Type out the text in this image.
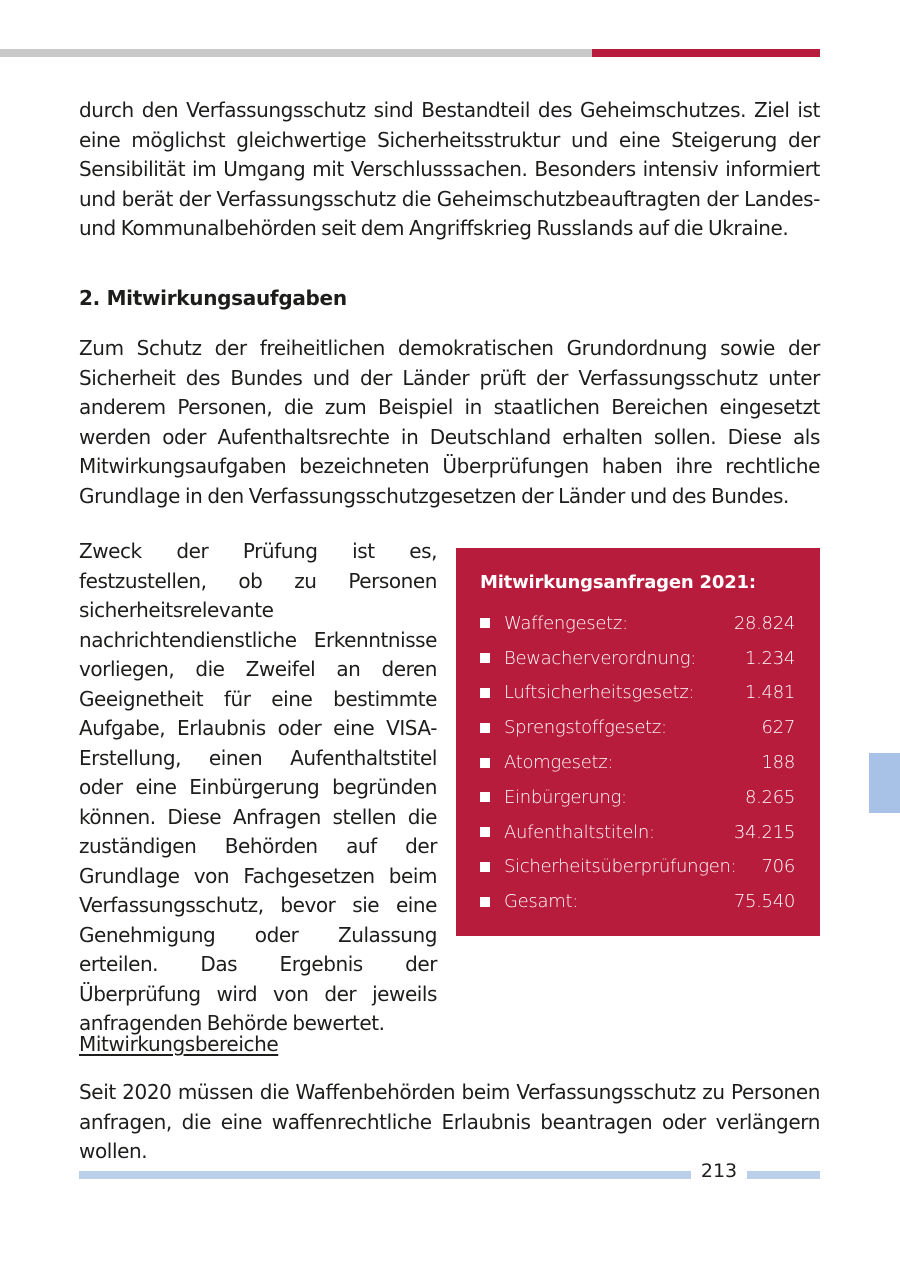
durch den Verfassungsschutz sind Bestandteil des Geheimschutzes. Ziel ist eine möglichst gleichwertige Sicherheitsstruktur und eine Steigerung der Sensibilität im Umgang mit Verschlusssachen. Besonders intensiv informiert und berät der Verfassungsschutz die Geheimschutzbeauftragten der Landes- und Kommunalbehörden seit dem Angriffskrieg Russlands auf die Ukraine.

2. Mitwirkungsaufgaben

Zum Schutz der freiheitlichen demokratischen Grundordnung sowie der Sicherheit des Bundes und der Länder prüft der Verfassungsschutz unter anderem Personen, die zum Beispiel in staatlichen Bereichen eingesetzt werden oder Aufenthaltsrechte in Deutschland erhalten sollen. Diese als Mitwirkungsaufgaben bezeichneten Überprüfungen haben ihre rechtliche Grundlage in den Verfassungsschutzgesetzen der Länder und des Bundes.

Zweck der Prüfung ist es, festzustellen, ob zu Personen sicherheitsrelevante nachrichtendienstliche Erkenntnisse vorliegen, die Zweifel an deren Geeignetheit für eine bestimmte Aufgabe, Erlaubnis oder eine VISA-Erstellung, einen Aufenthaltstitel oder eine Einbürgerung begründen können. Diese Anfragen stellen die zuständigen Behörden auf der Grundlage von Fachgesetzen beim Verfassungsschutz, bevor sie eine Genehmigung oder Zulassung erteilen. Das Ergebnis der Überprüfung wird von der jeweils anfragenden Behörde bewertet.

Mitwirkungsanfragen 2021:

Waffengesetz:	28.824
Bewacherverordnung:	1.234
Luftsicherheitsgesetz:	1.481
Sprengstoffgesetz:	627
Atomgesetz:	188
Einbürgerung:	8.265
Aufenthaltstiteln:	34.215
Sicherheitsüberprüfungen:	706
Gesamt:	75.540

Mitwirkungsbereiche

Seit 2020 müssen die Waffenbehörden beim Verfassungsschutz zu Personen anfragen, die eine waffenrechtliche Erlaubnis beantragen oder verlängern wollen.

213
